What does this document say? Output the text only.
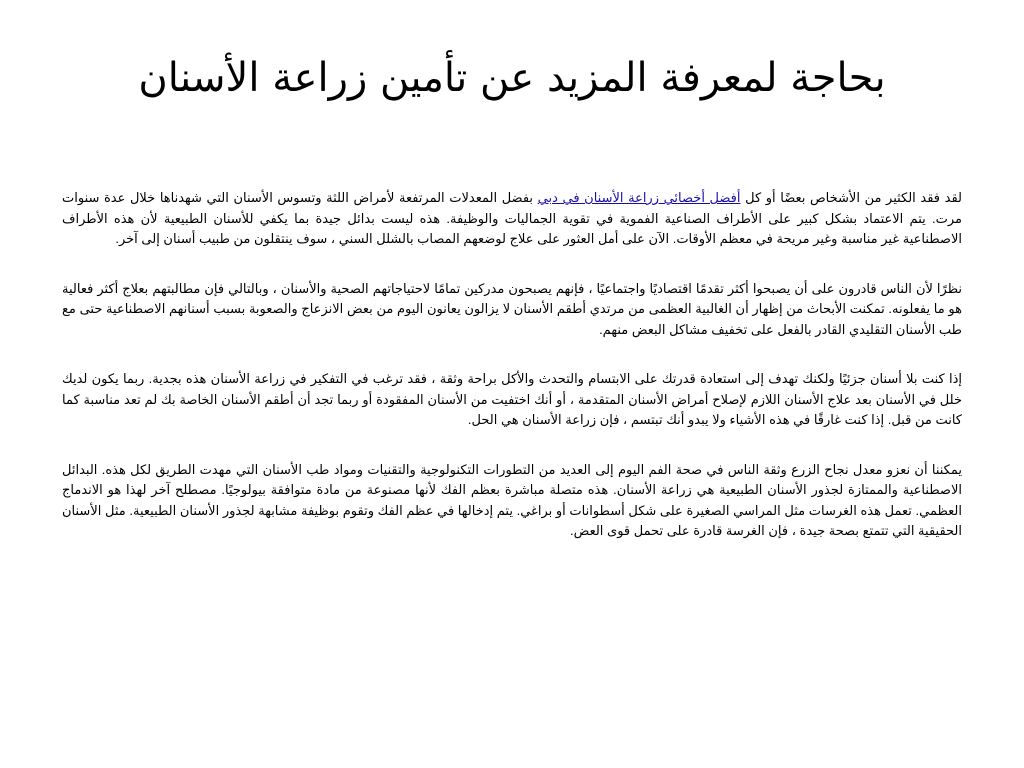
بحاجة لمعرفة المزيد عن تأمين زراعة الأسنان

لقد فقد الكثير من الأشخاص بعضًا أو كل أفضل أخصائي زراعة الأسنان في دبي بفضل المعدلات المرتفعة لأمراض اللثة وتسوس الأسنان التي شهدناها خلال عدة سنوات مرت. يتم الاعتماد بشكل كبير على الأطراف الصناعية الفموية في تقوية الجماليات والوظيفة. هذه ليست بدائل جيدة بما يكفي للأسنان الطبيعية لأن هذه الأطراف الاصطناعية غير مناسبة وغير مريحة في معظم الأوقات. الآن على أمل العثور على علاج لوضعهم المصاب بالشلل السني ، سوف ينتقلون من طبيب أسنان إلى آخر.

نظرًا لأن الناس قادرون على أن يصبحوا أكثر تقدمًا اقتصاديًا واجتماعيًا ، فإنهم يصبحون مدركين تمامًا لاحتياجاتهم الصحية والأسنان ، وبالتالي فإن مطالبتهم بعلاج أكثر فعالية هو ما يفعلونه. تمكنت الأبحاث من إظهار أن الغالبية العظمى من مرتدي أطقم الأسنان لا يزالون يعانون اليوم من بعض الانزعاج والصعوبة بسبب أسنانهم الاصطناعية حتى مع طب الأسنان التقليدي القادر بالفعل على تخفيف مشاكل البعض منهم.

إذا كنت بلا أسنان جزئيًا ولكنك تهدف إلى استعادة قدرتك على الابتسام والتحدث والأكل براحة وثقة ، فقد ترغب في التفكير في زراعة الأسنان هذه بجدية. ربما يكون لديك خلل في الأسنان بعد علاج الأسنان اللازم لإصلاح أمراض الأسنان المتقدمة ، أو أنك اختفيت من الأسنان المفقودة أو ربما تجد أن أطقم الأسنان الخاصة بك لم تعد مناسبة كما كانت من قبل. إذا كنت غارقًا في هذه الأشياء ولا يبدو أنك تبتسم ، فإن زراعة الأسنان هي الحل.

يمكننا أن نعزو معدل نجاح الزرع وثقة الناس في صحة الفم اليوم إلى العديد من التطورات التكنولوجية والتقنيات ومواد طب الأسنان التي مهدت الطريق لكل هذه. البدائل الاصطناعية والممتازة لجذور الأسنان الطبيعية هي زراعة الأسنان. هذه متصلة مباشرة بعظم الفك لأنها مصنوعة من مادة متوافقة بيولوجيًا. مصطلح آخر لهذا هو الاندماج العظمي. تعمل هذه الغرسات مثل المراسي الصغيرة على شكل أسطوانات أو براغي. يتم إدخالها في عظم الفك وتقوم بوظيفة مشابهة لجذور الأسنان الطبيعية. مثل الأسنان الحقيقية التي تتمتع بصحة جيدة ، فإن الغرسة قادرة على تحمل قوى العض.
